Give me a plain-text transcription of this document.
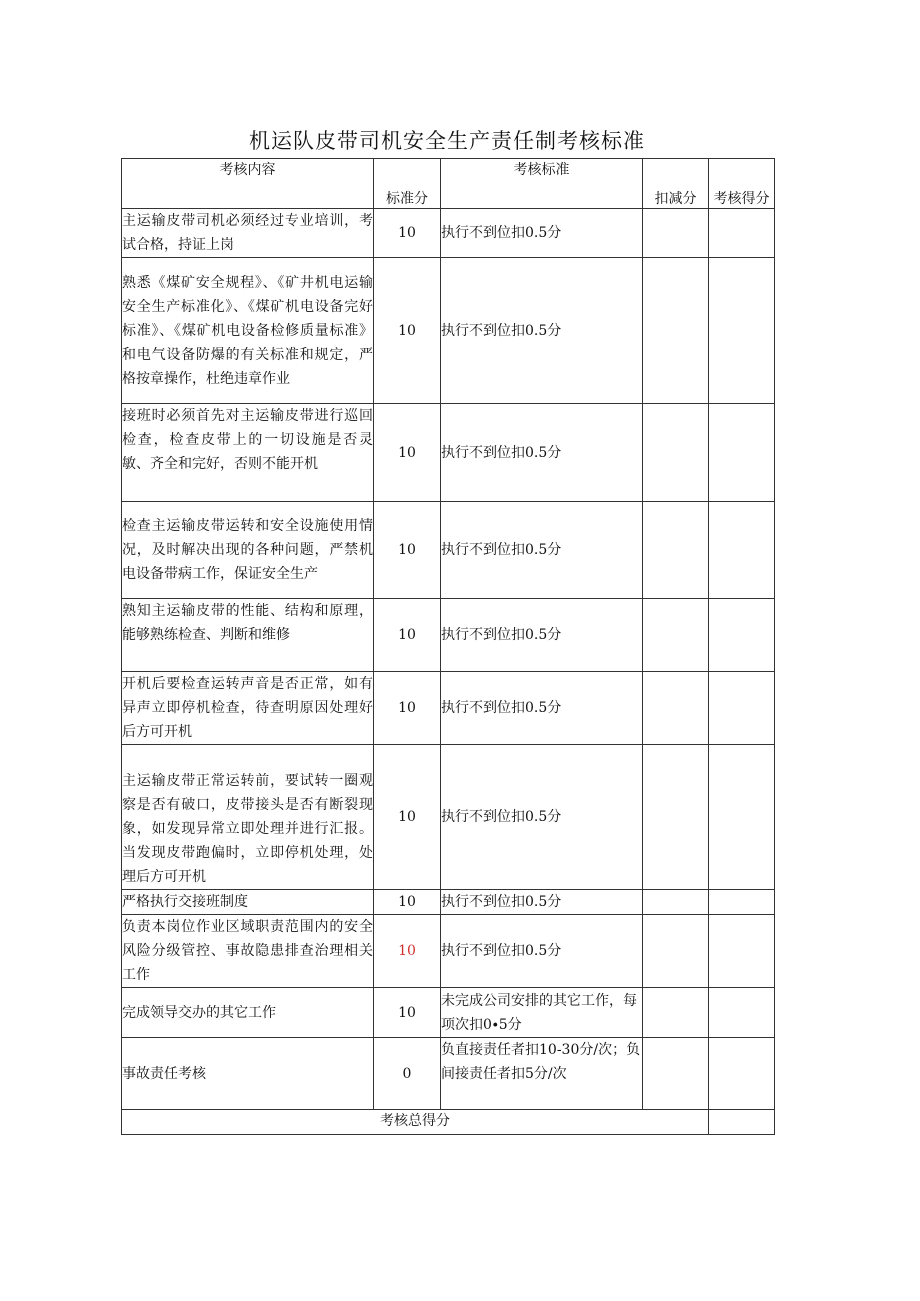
机运队皮带司机安全生产责任制考核标准
考核内容	标准分	考核标准	扣减分	考核得分
主运输皮带司机必须经过专业培训，考试合格，持证上岗	10	执行不到位扣0.5分		
熟悉《煤矿安全规程》、《矿井机电运输安全生产标准化》、《煤矿机电设备完好标准》、《煤矿机电设备检修质量标准》和电气设备防爆的有关标准和规定，严格按章操作，杜绝违章作业	10	执行不到位扣0.5分		
接班时必须首先对主运输皮带进行巡回检查，检查皮带上的一切设施是否灵敏、齐全和完好，否则不能开机	10	执行不到位扣0.5分		
检查主运输皮带运转和安全设施使用情况，及时解决出现的各种问题，严禁机电设备带病工作，保证安全生产	10	执行不到位扣0.5分		
熟知主运输皮带的性能、结构和原理，能够熟练检查、判断和维修	10	执行不到位扣0.5分		
开机后要检查运转声音是否正常，如有异声立即停机检查，待查明原因处理好后方可开机	10	执行不到位扣0.5分		
主运输皮带正常运转前，要试转一圈观察是否有破口，皮带接头是否有断裂现象，如发现异常立即处理并进行汇报。当发现皮带跑偏时，立即停机处理，处理后方可开机	10	执行不到位扣0.5分		
严格执行交接班制度	10	执行不到位扣0.5分		
负责本岗位作业区域职责范围内的安全风险分级管控、事故隐患排查治理相关工作	10	执行不到位扣0.5分		
完成领导交办的其它工作	10	未完成公司安排的其它工作，每项次扣0∙5分		
事故责任考核	0	负直接责任者扣10-30分/次；负间接责任者扣5分/次		
考核总得分				
